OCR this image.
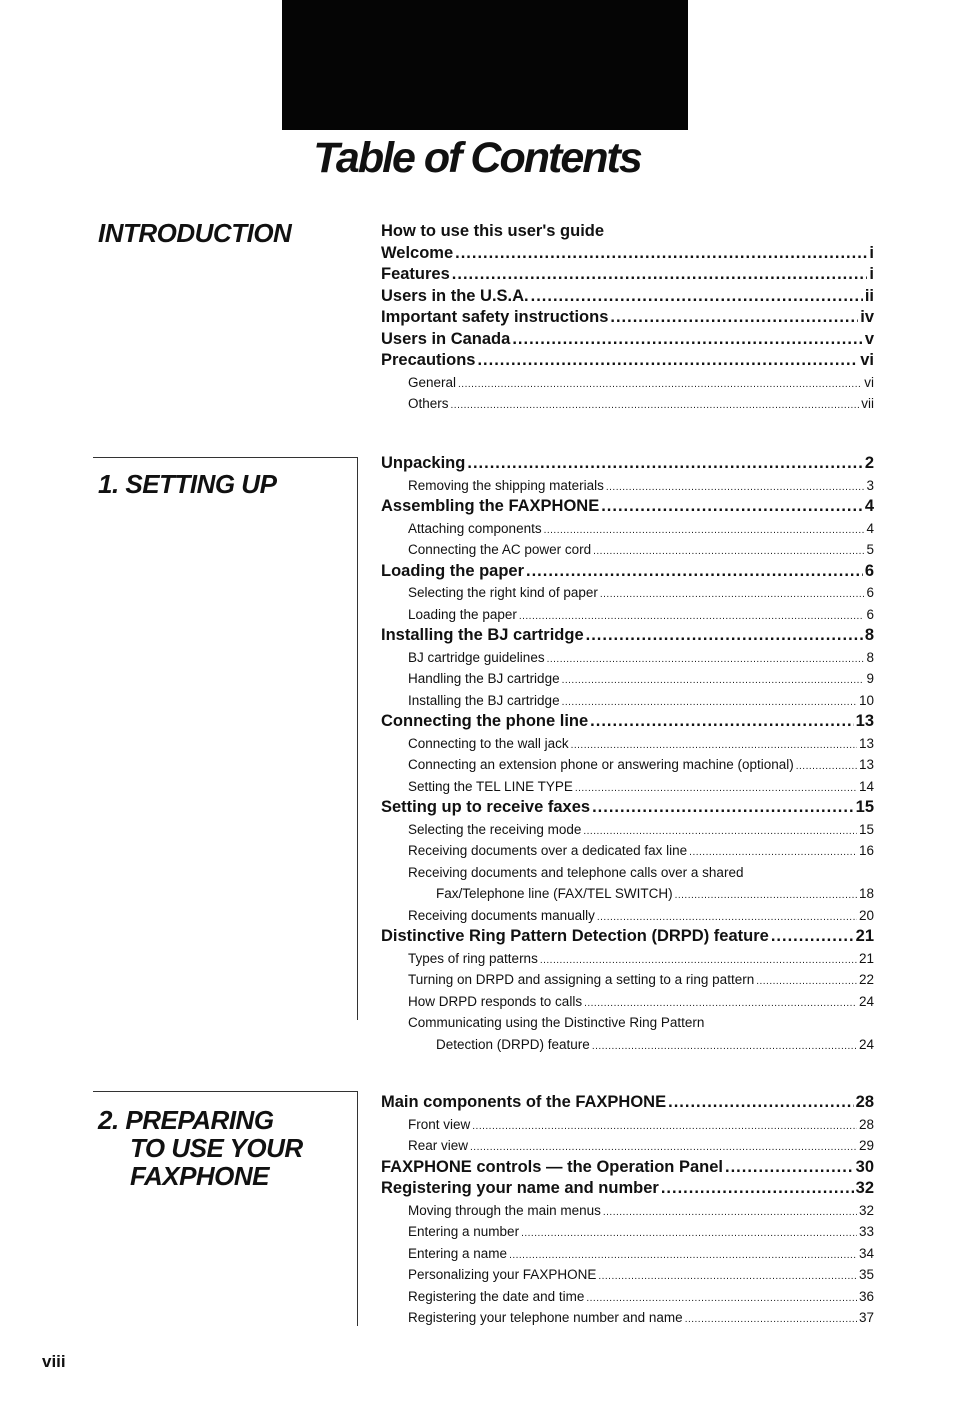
Table of Contents
INTRODUCTION	How to use this user's guide
Welcome .....	i
Features .....	i
Users in the U.S.A. .....	ii
Important safety instructions .....	iv
Users in Canada .....	v
Precautions .....	vi
General .....	vi
Others .....	vii
1. SETTING UP
Unpacking .....	2
Removing the shipping materials .....	3
Assembling the FAXPHONE .....	4
Attaching components .....	4
Connecting the AC power cord .....	5
Loading the paper .....	6
Selecting the right kind of paper .....	6
Loading the paper .....	6
Installing the BJ cartridge .....	8
BJ cartridge guidelines .....	8
Handling the BJ cartridge .....	9
Installing the BJ cartridge .....	10
Connecting the phone line .....	13
Connecting to the wall jack .....	13
Connecting an extension phone or answering machine (optional) .....	13
Setting the TEL LINE TYPE .....	14
Setting up to receive faxes .....	15
Selecting the receiving mode .....	15
Receiving documents over a dedicated fax line .....	16
Receiving documents and telephone calls over a shared
Fax/Telephone line (FAX/TEL SWITCH) .....	18
Receiving documents manually .....	20
Distinctive Ring Pattern Detection (DRPD) feature .....	21
Types of ring patterns .....	21
Turning on DRPD and assigning a setting to a ring pattern .....	22
How DRPD responds to calls .....	24
Communicating using the Distinctive Ring Pattern
Detection (DRPD) feature .....	24
2. PREPARING
TO USE YOUR
FAXPHONE
Main components of the FAXPHONE .....	28
Front view .....	28
Rear view .....	29
FAXPHONE controls — the Operation Panel .....	30
Registering your name and number .....	32
Moving through the main menus .....	32
Entering a number .....	33
Entering a name .....	34
Personalizing your FAXPHONE .....	35
Registering the date and time .....	36
Registering your telephone number and name .....	37

viii
